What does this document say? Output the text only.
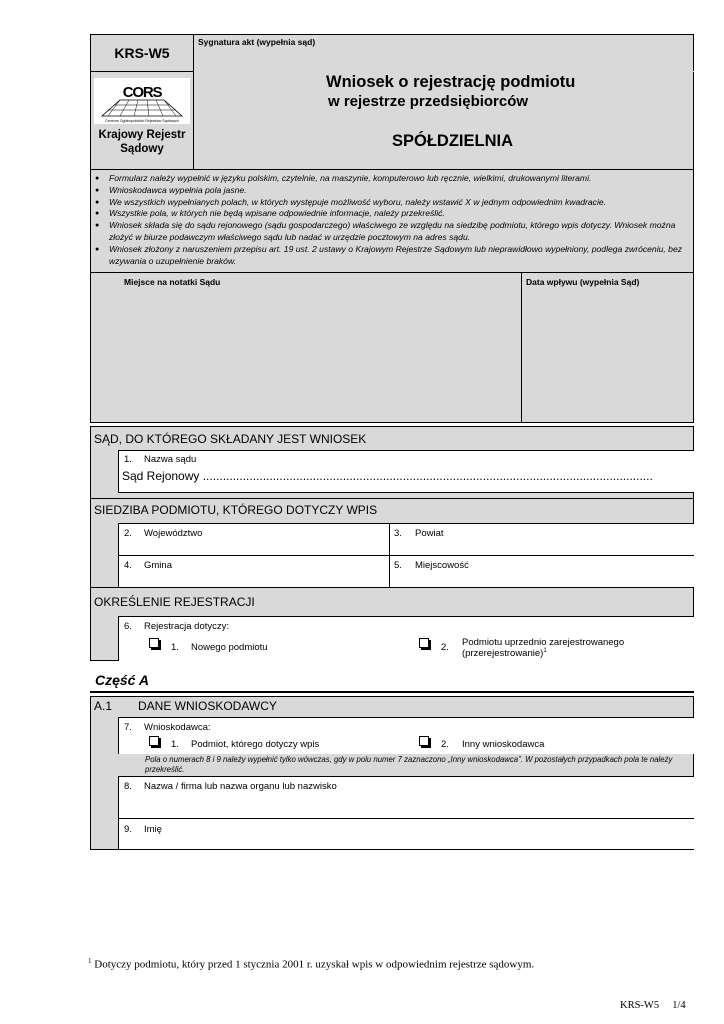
KRS-W5
Sygnatura akt (wypełnia sąd)
CORS
Centrum Ogólnopolskich Rejestrów Sądowych
Krajowy Rejestr Sądowy
Wniosek o rejestrację podmiotu
w rejestrze przedsiębiorców
SPÓŁDZIELNIA
● Formularz należy wypełnić w języku polskim, czytelnie, na maszynie, komputerowo lub ręcznie, wielkimi, drukowanymi literami.
● Wnioskodawca wypełnia pola jasne.
● We wszystkich wypełnianych polach, w których występuje możliwość wyboru, należy wstawić X w jednym odpowiednim kwadracie.
● Wszystkie pola, w których nie będą wpisane odpowiednie informacje, należy przekreślić.
● Wniosek składa się do sądu rejonowego (sądu gospodarczego) właściwego ze względu na siedzibę podmiotu, którego wpis dotyczy. Wniosek można złożyć w biurze podawczym właściwego sądu lub nadać w urzędzie pocztowym na adres sądu.
● Wniosek złożony z naruszeniem przepisu art. 19 ust. 2 ustawy o Krajowym Rejestrze Sądowym lub nieprawidłowo wypełniony, podlega zwróceniu, bez wzywania o uzupełnienie braków.
Miejsce na notatki Sądu	Data wpływu (wypełnia Sąd)
SĄD, DO KTÓREGO SKŁADANY JEST WNIOSEK
1. Nazwa sądu
Sąd Rejonowy .......................................................................................................................................
SIEDZIBA PODMIOTU, KTÓREGO DOTYCZY WPIS
2. Województwo	3. Powiat
4. Gmina	5. Miejscowość
OKREŚLENIE REJESTRACJI
6. Rejestracja dotyczy:
1. Nowego podmiotu	2. Podmiotu uprzednio zarejestrowanego
(przerejestrowanie)$^1$
Część A
A.1 DANE WNIOSKODAWCY
7. Wnioskodawca:
1. Podmiot, którego dotyczy wpis	2. Inny wnioskodawca
Pola o numerach 8 i 9 należy wypełnić tylko wówczas, gdy w polu numer 7 zaznaczono „Inny wnioskodawca”. W pozostałych przypadkach pola te należy przekreślić.
8. Nazwa / firma lub nazwa organu lub nazwisko
9. Imię
$^1$ Dotyczy podmiotu, który przed 1 stycznia 2001 r. uzyskał wpis w odpowiednim rejestrze sądowym.
KRS-W5     1/4
